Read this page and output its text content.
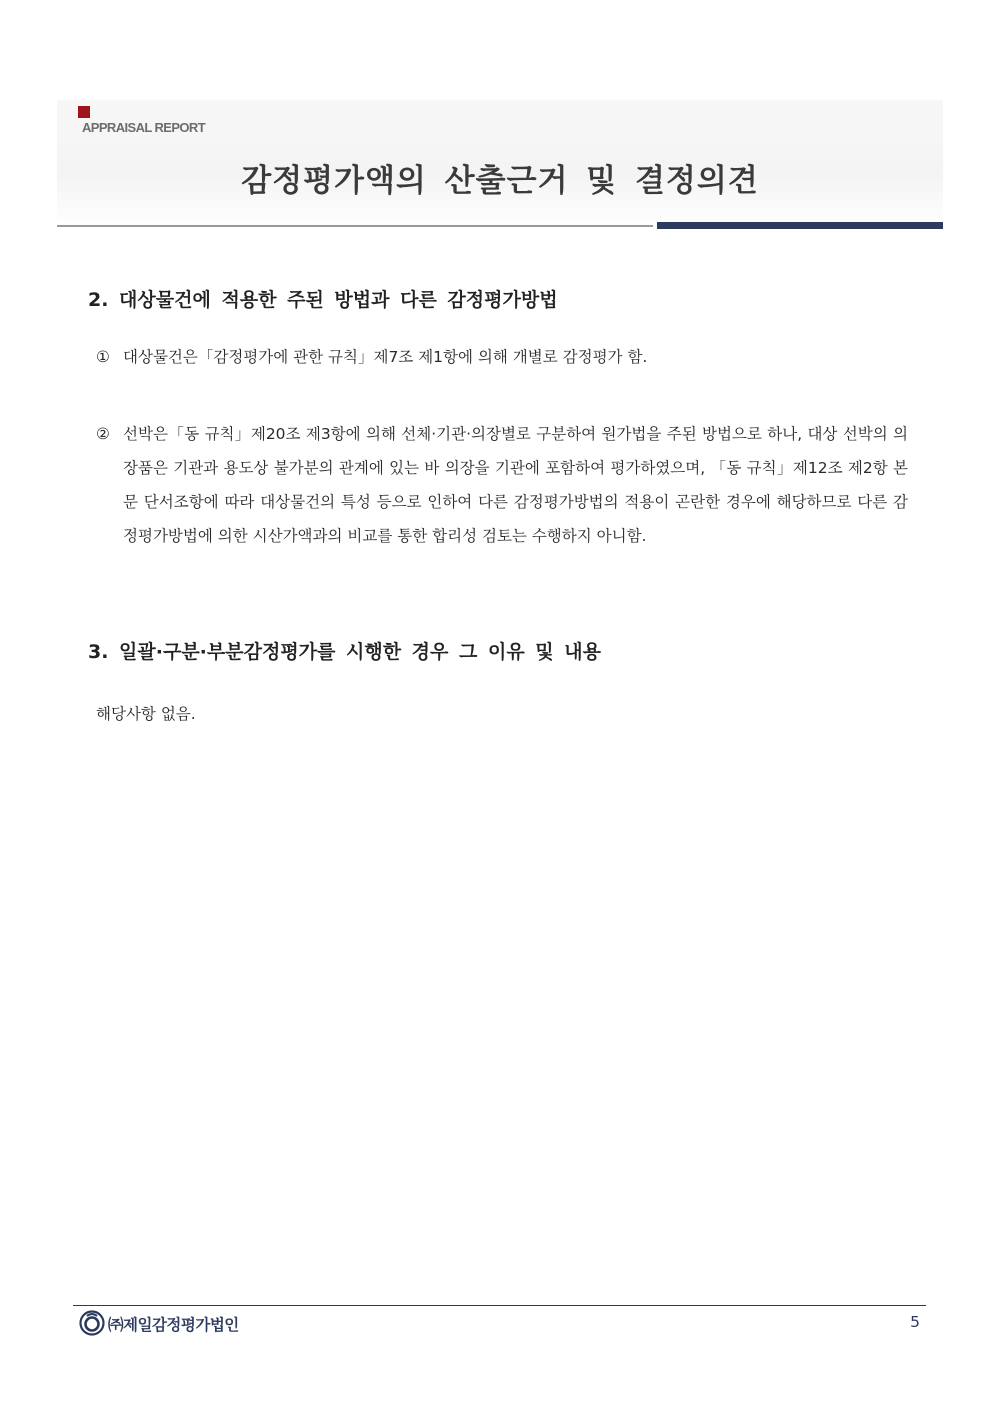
APPRAISAL REPORT
감정평가액의 산출근거 및 결정의견
2. 대상물건에 적용한 주된 방법과 다른 감정평가방법
① 대상물건은「감정평가에 관한 규칙」제7조 제1항에 의해 개별로 감정평가 함.
② 선박은「동 규칙」제20조 제3항에 의해 선체·기관·의장별로 구분하여 원가법을 주된 방법으로 하나, 대상 선박의 의장품은 기관과 용도상 불가분의 관계에 있는 바 의장을 기관에 포함하여 평가하였으며, 「동 규칙」제12조 제2항 본문 단서조항에 따라 대상물건의 특성 등으로 인하여 다른 감정평가방법의 적용이 곤란한 경우에 해당하므로 다른 감정평가방법에 의한 시산가액과의 비교를 통한 합리성 검토는 수행하지 아니함.
3. 일괄·구분·부분감정평가를 시행한 경우 그 이유 및 내용
해당사항 없음.
㈜제일감정평가법인	5
